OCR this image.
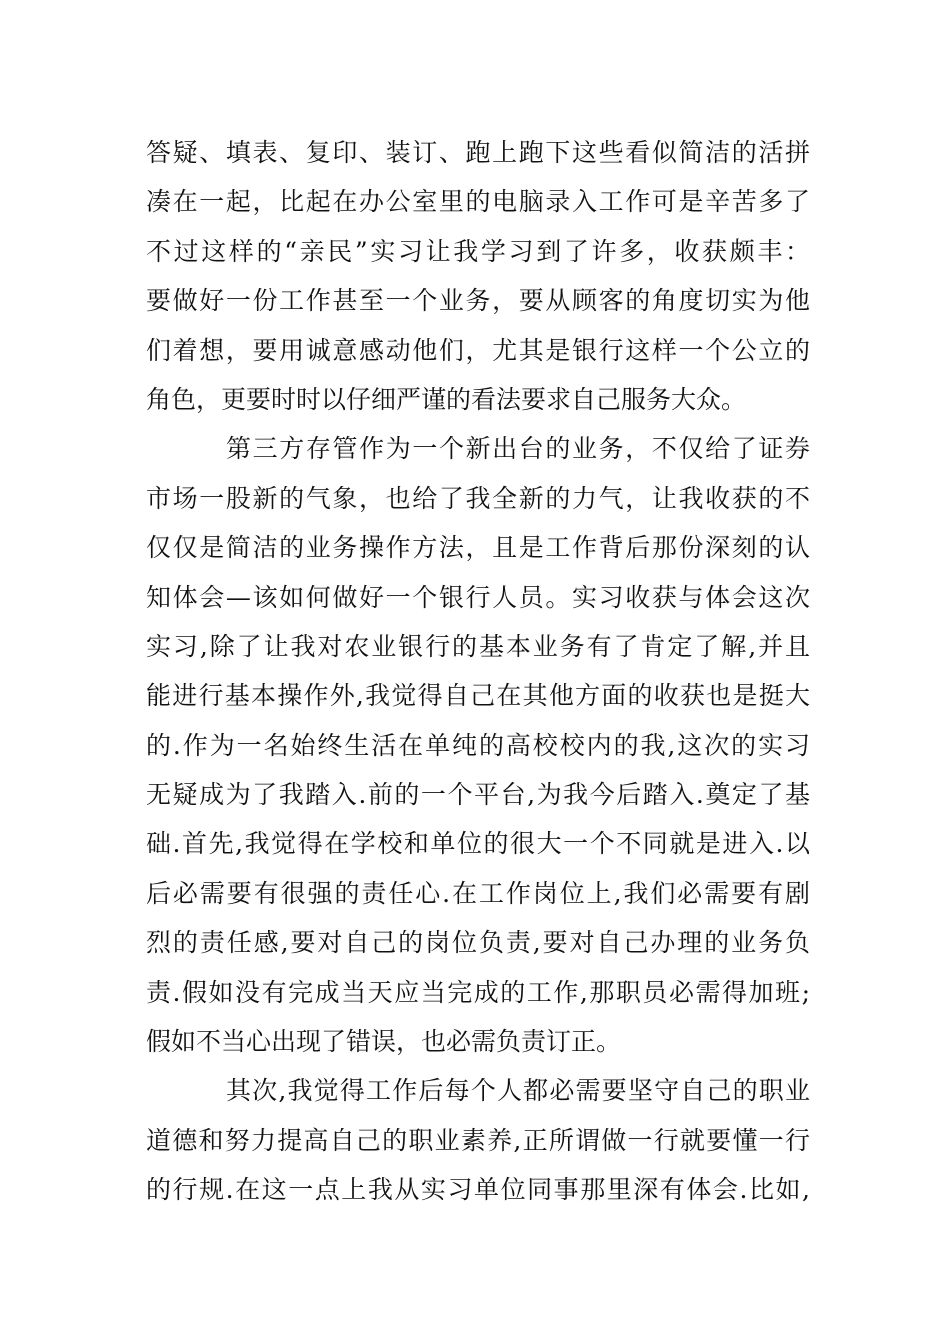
答疑、填表、复印、装订、跑上跑下这些看似简洁的活拼
凑在一起，比起在办公室里的电脑录入工作可是辛苦多了
不过这样的“亲民”实习让我学习到了许多，收获颇丰：
要做好一份工作甚至一个业务，要从顾客的角度切实为他
们着想，要用诚意感动他们，尤其是银行这样一个公立的
角色，更要时时以仔细严谨的看法要求自己服务大众。
第三方存管作为一个新出台的业务，不仅给了证券
市场一股新的气象，也给了我全新的力气，让我收获的不
仅仅是简洁的业务操作方法，且是工作背后那份深刻的认
知体会—该如何做好一个银行人员。实习收获与体会这次
实习,除了让我对农业银行的基本业务有了肯定了解,并且
能进行基本操作外,我觉得自己在其他方面的收获也是挺大
的.作为一名始终生活在单纯的高校校内的我,这次的实习
无疑成为了我踏入.前的一个平台,为我今后踏入.奠定了基
础.首先,我觉得在学校和单位的很大一个不同就是进入.以
后必需要有很强的责任心.在工作岗位上,我们必需要有剧
烈的责任感,要对自己的岗位负责,要对自己办理的业务负
责.假如没有完成当天应当完成的工作,那职员必需得加班;
假如不当心出现了错误，也必需负责订正。
其次,我觉得工作后每个人都必需要坚守自己的职业
道德和努力提高自己的职业素养,正所谓做一行就要懂一行
的行规.在这一点上我从实习单位同事那里深有体会.比如,
